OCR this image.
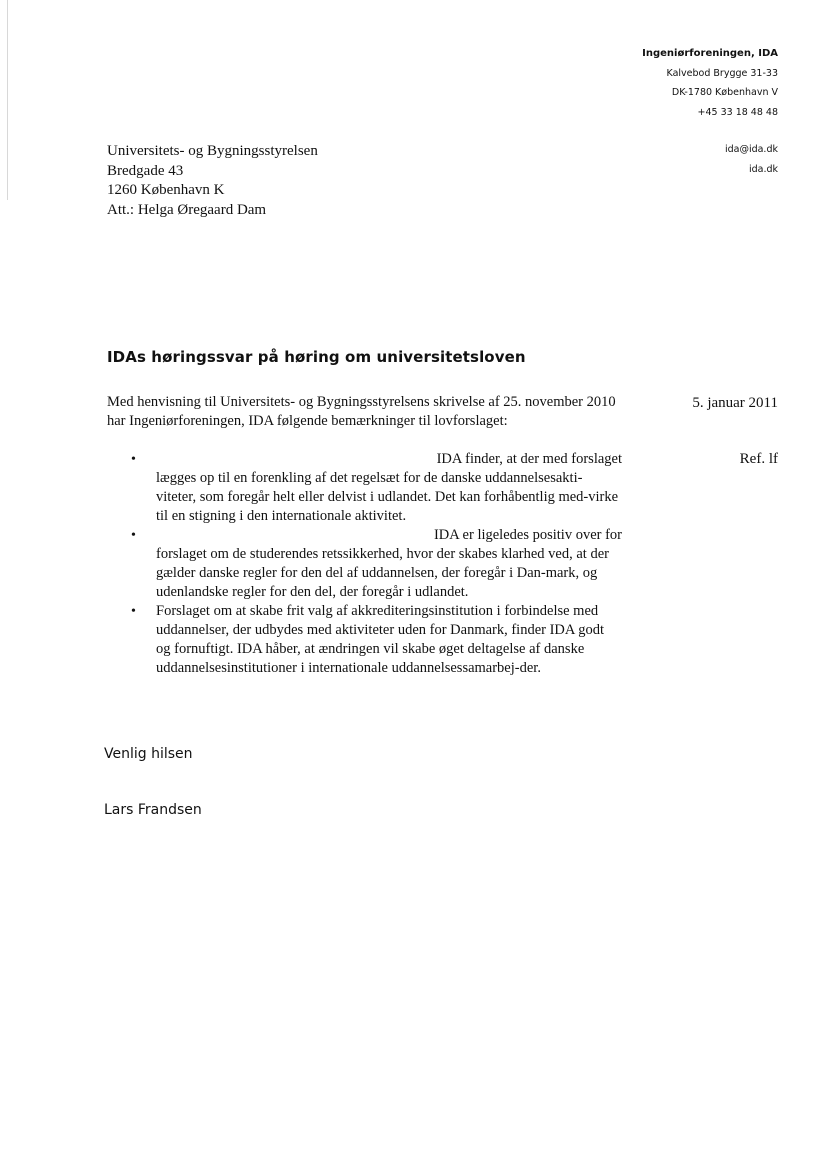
Ingeniørforeningen, IDA
Kalvebod Brygge 31-33
DK-1780 København V
+45 33 18 48 48
ida@ida.dk
ida.dk
Universitets- og Bygningsstyrelsen
Bredgade 43
1260 København K
Att.: Helga Øregaard Dam
IDAs høringssvar på høring om universitetsloven
5. januar 2011
Ref. lf
Med henvisning til Universitets- og Bygningsstyrelsens skrivelse af 25. november 2010 har Ingeniørforeningen, IDA følgende bemærkninger til lovforslaget:
•	IDA finder, at der med forslaget
lægges op til en forenkling af det regelsæt for de danske uddannelsesakti-viteter, som foregår helt eller delvist i udlandet. Det kan forhåbentlig med-virke til en stigning i den internationale aktivitet.
•	IDA er ligeledes positiv over for
forslaget om de studerendes retssikkerhed, hvor der skabes klarhed ved, at der gælder danske regler for den del af uddannelsen, der foregår i Dan-mark, og udenlandske regler for den del, der foregår i udlandet.
• Forslaget om at skabe frit valg af akkrediteringsinstitution i forbindelse med uddannelser, der udbydes med aktiviteter uden for Danmark, finder IDA godt og fornuftigt. IDA håber, at ændringen vil skabe øget deltagelse af danske uddannelsesinstitutioner i internationale uddannelsessamarbej-der.
Venlig hilsen
Lars Frandsen
